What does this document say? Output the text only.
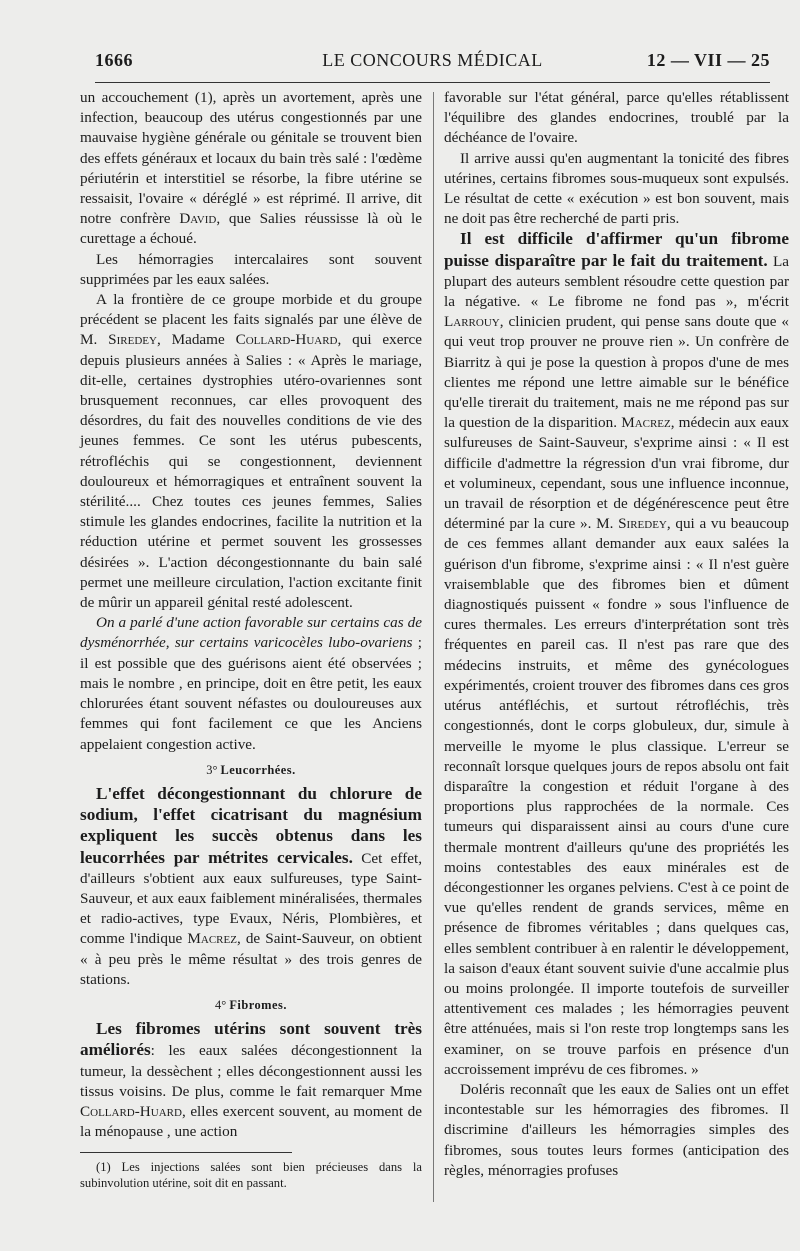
1666	LE CONCOURS MÉDICAL	12 — VII — 25

un accouchement (1), après un avortement, après une infection, beaucoup des utérus congestionnés par une mauvaise hygiène générale ou génitale se trouvent bien des effets généraux et locaux du bain très salé : l'œdème périutérin et interstitiel se résorbe, la fibre utérine se ressaisit, l'ovaire « déréglé » est réprimé. Il arrive, dit notre confrère David, que Salies réussisse là où le curettage a échoué.

Les hémorragies intercalaires sont souvent supprimées par les eaux salées.

A la frontière de ce groupe morbide et du groupe précédent se placent les faits signalés par une élève de M. Siredey, Madame Collard-Huard, qui exerce depuis plusieurs années à Salies : « Après le mariage, dit-elle, certaines dystrophies utéro-ovariennes sont brusquement reconnues, car elles provoquent des désordres, du fait des nouvelles conditions de vie des jeunes femmes. Ce sont les utérus pubescents, rétrofléchis qui se congestionnent, deviennent douloureux et hémorragiques et entraînent souvent la stérilité.... Chez toutes ces jeunes femmes, Salies stimule les glandes endocrines, facilite la nutrition et la réduction utérine et permet souvent les grossesses désirées ». L'action décongestionnante du bain salé permet une meilleure circulation, l'action excitante finit de mûrir un appareil génital resté adolescent.

On a parlé d'une action favorable sur certains cas de dysménorrhée, sur certains varicocèles lubo-ovariens ; il est possible que des guérisons aient été observées ; mais le nombre , en principe, doit en être petit, les eaux chlorurées étant souvent néfastes ou douloureuses aux femmes qui font facilement ce que les Anciens appelaient congestion active.

3° Leucorrhées.

L'effet décongestionnant du chlorure de sodium, l'effet cicatrisant du magnésium expliquent les succès obtenus dans les leucorrhées par métrites cervicales. Cet effet, d'ailleurs s'obtient aux eaux sulfureuses, type Saint-Sauveur, et aux eaux faiblement minéralisées, thermales et radio-actives, type Evaux, Néris, Plombières, et comme l'indique Macrez, de Saint-Sauveur, on obtient « à peu près le même résultat » des trois genres de stations.

4° Fibromes.

Les fibromes utérins sont souvent très améliorés: les eaux salées décongestionnent la tumeur, la dessèchent ; elles décongestionnent aussi les tissus voisins. De plus, comme le fait remarquer Mme Collard-Huard, elles exercent souvent, au moment de la ménopause , une action

(1) Les injections salées sont bien précieuses dans la subinvolution utérine, soit dit en passant.

favorable sur l'état général, parce qu'elles rétablissent l'équilibre des glandes endocrines, troublé par la déchéance de l'ovaire.

Il arrive aussi qu'en augmentant la tonicité des fibres utérines, certains fibromes sous-muqueux sont expulsés. Le résultat de cette « exécution » est bon souvent, mais ne doit pas être recherché de parti pris.

Il est difficile d'affirmer qu'un fibrome puisse disparaître par le fait du traitement. La plupart des auteurs semblent résoudre cette question par la négative. « Le fibrome ne fond pas », m'écrit Larrouy, clinicien prudent, qui pense sans doute que « qui veut trop prouver ne prouve rien ». Un confrère de Biarritz à qui je pose la question à propos d'une de mes clientes me répond une lettre aimable sur le bénéfice qu'elle tirerait du traitement, mais ne me répond pas sur la question de la disparition. Macrez, médecin aux eaux sulfureuses de Saint-Sauveur, s'exprime ainsi : « Il est difficile d'admettre la régression d'un vrai fibrome, dur et volumineux, cependant, sous une influence inconnue, un travail de résorption et de dégénérescence peut être déterminé par la cure ». M. Siredey, qui a vu beaucoup de ces femmes allant demander aux eaux salées la guérison d'un fibrome, s'exprime ainsi : « Il n'est guère vraisemblable que des fibromes bien et dûment diagnostiqués puissent « fondre » sous l'influence de cures thermales. Les erreurs d'interprétation sont très fréquentes en pareil cas. Il n'est pas rare que des médecins instruits, et même des gynécologues expérimentés, croient trouver des fibromes dans ces gros utérus antéfléchis, et surtout rétrofléchis, très congestionnés, dont le corps globuleux, dur, simule à merveille le myome le plus classique. L'erreur se reconnaît lorsque quelques jours de repos absolu ont fait disparaître la congestion et réduit l'organe à des proportions plus rapprochées de la normale. Ces tumeurs qui disparaissent ainsi au cours d'une cure thermale montrent d'ailleurs qu'une des propriétés les moins contestables des eaux minérales est de décongestionner les organes pelviens. C'est à ce point de vue qu'elles rendent de grands services, même en présence de fibromes véritables ; dans quelques cas, elles semblent contribuer à en ralentir le développement, la saison d'eaux étant souvent suivie d'une accalmie plus ou moins prolongée. Il importe toutefois de surveiller attentivement ces malades ; les hémorragies peuvent être atténuées, mais si l'on reste trop longtemps sans les examiner, on se trouve parfois en présence d'un accroissement imprévu de ces fibromes. »

Doléris reconnaît que les eaux de Salies ont un effet incontestable sur les hémorragies des fibromes. Il discrimine d'ailleurs les hémorragies simples des fibromes, sous toutes leurs formes (anticipation des règles, ménorragies profuses
